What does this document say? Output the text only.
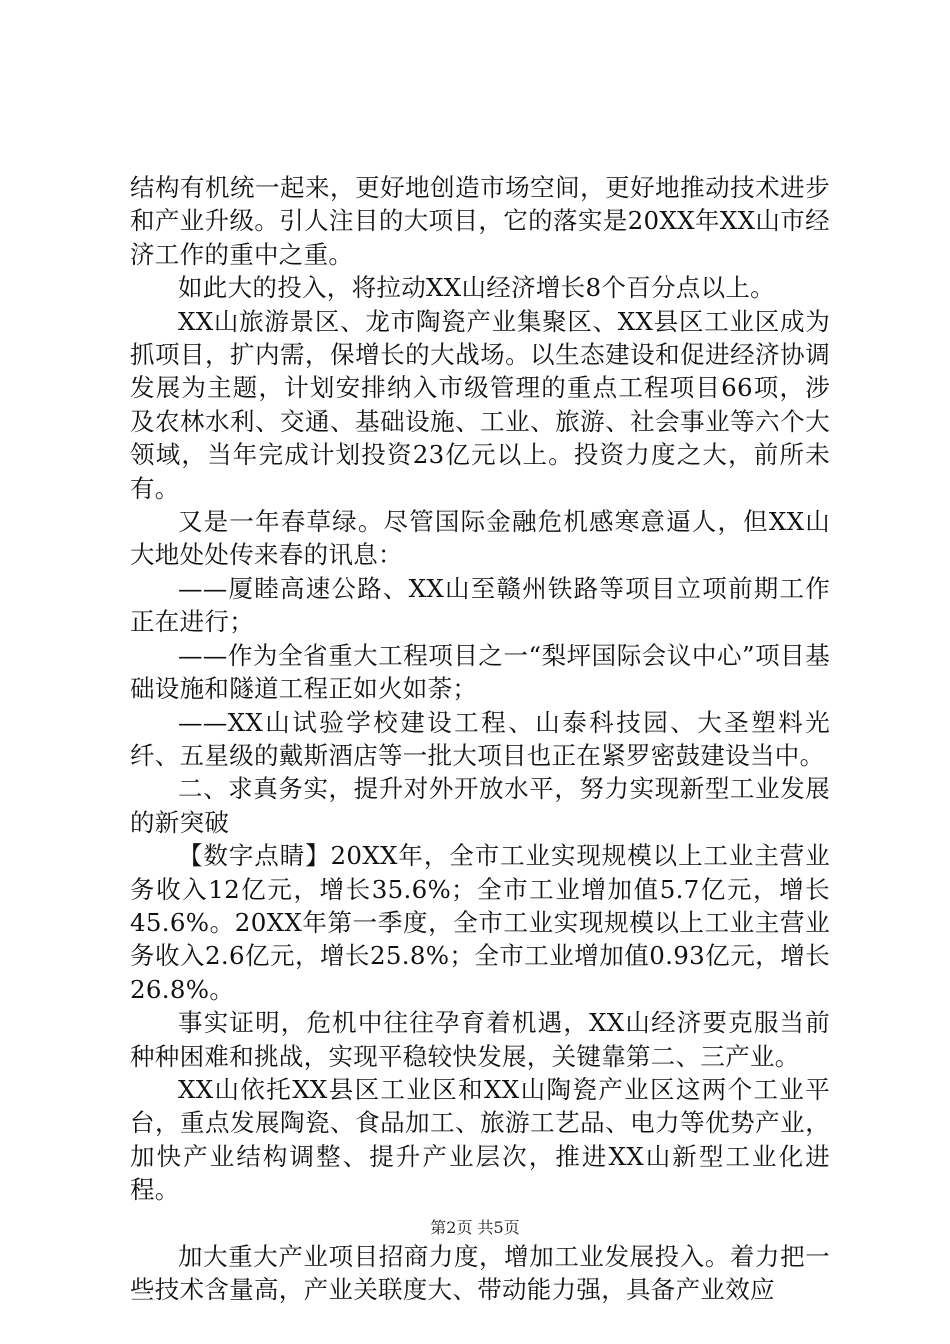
结构有机统一起来，更好地创造市场空间，更好地推动技术进步和产业升级。引人注目的大项目，它的落实是20XX年XX山市经济工作的重中之重。

如此大的投入，将拉动XX山经济增长8个百分点以上。

XX山旅游景区、龙市陶瓷产业集聚区、XX县区工业区成为抓项目，扩内需，保增长的大战场。以生态建设和促进经济协调发展为主题，计划安排纳入市级管理的重点工程项目66项，涉及农林水利、交通、基础设施、工业、旅游、社会事业等六个大领域，当年完成计划投资23亿元以上。投资力度之大，前所未有。

又是一年春草绿。尽管国际金融危机感寒意逼人，但XX山大地处处传来春的讯息：

——厦睦高速公路、XX山至赣州铁路等项目立项前期工作正在进行；

——作为全省重大工程项目之一“梨坪国际会议中心”项目基础设施和隧道工程正如火如荼；

——XX山试验学校建设工程、山泰科技园、大圣塑料光纤、五星级的戴斯酒店等一批大项目也正在紧罗密鼓建设当中。

二、求真务实，提升对外开放水平，努力实现新型工业发展的新突破

【数字点睛】20XX年，全市工业实现规模以上工业主营业务收入12亿元，增长35.6%；全市工业增加值5.7亿元，增长45.6%。20XX年第一季度，全市工业实现规模以上工业主营业务收入2.6亿元，增长25.8%；全市工业增加值0.93亿元，增长26.8%。

事实证明，危机中往往孕育着机遇，XX山经济要克服当前种种困难和挑战，实现平稳较快发展，关键靠第二、三产业。

XX山依托XX县区工业区和XX山陶瓷产业区这两个工业平台，重点发展陶瓷、食品加工、旅游工艺品、电力等优势产业，加快产业结构调整、提升产业层次，推进XX山新型工业化进程。

加大重大产业项目招商力度，增加工业发展投入。着力把一些技术含量高，产业关联度大、带动能力强，具备产业效应

第2页 共5页
